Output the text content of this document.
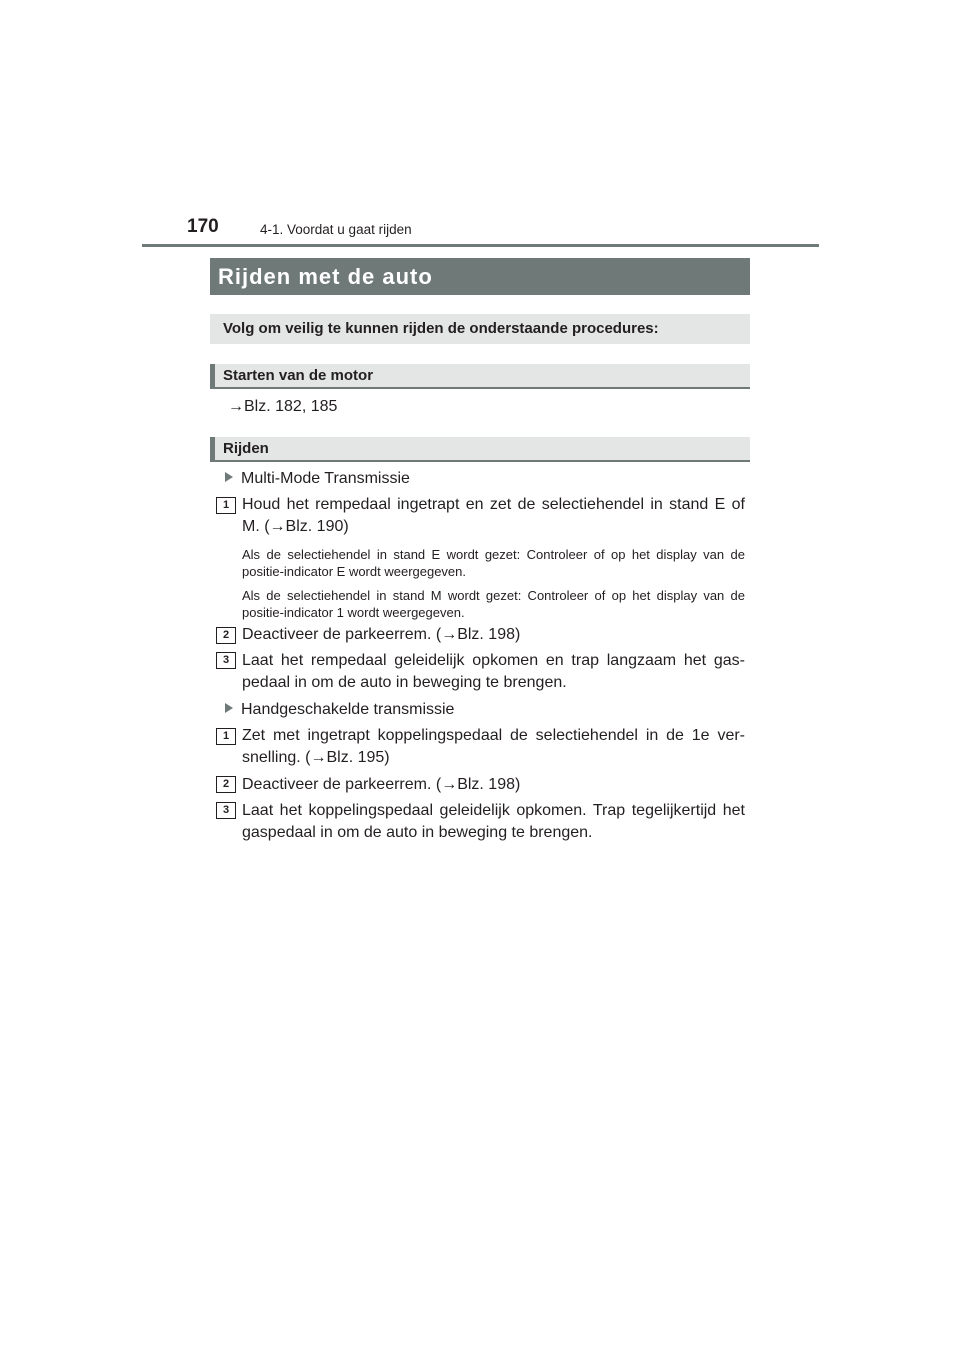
170	4-1. Voordat u gaat rijden
Rijden met de auto
Volg om veilig te kunnen rijden de onderstaande procedures:
Starten van de motor
→Blz. 182, 185
Rijden
Multi-Mode Transmissie
1 Houd het rempedaal ingetrapt en zet de selectiehendel in stand E of M. (→Blz. 190)
Als de selectiehendel in stand E wordt gezet: Controleer of op het display van de positie-indicator E wordt weergegeven.
Als de selectiehendel in stand M wordt gezet: Controleer of op het display van de positie-indicator 1 wordt weergegeven.
2 Deactiveer de parkeerrem. (→Blz. 198)
3 Laat het rempedaal geleidelijk opkomen en trap langzaam het gas-pedaal in om de auto in beweging te brengen.
Handgeschakelde transmissie
1 Zet met ingetrapt koppelingspedaal de selectiehendel in de 1e ver-snelling. (→Blz. 195)
2 Deactiveer de parkeerrem. (→Blz. 198)
3 Laat het koppelingspedaal geleidelijk opkomen. Trap tegelijkertijd het gaspedaal in om de auto in beweging te brengen.
